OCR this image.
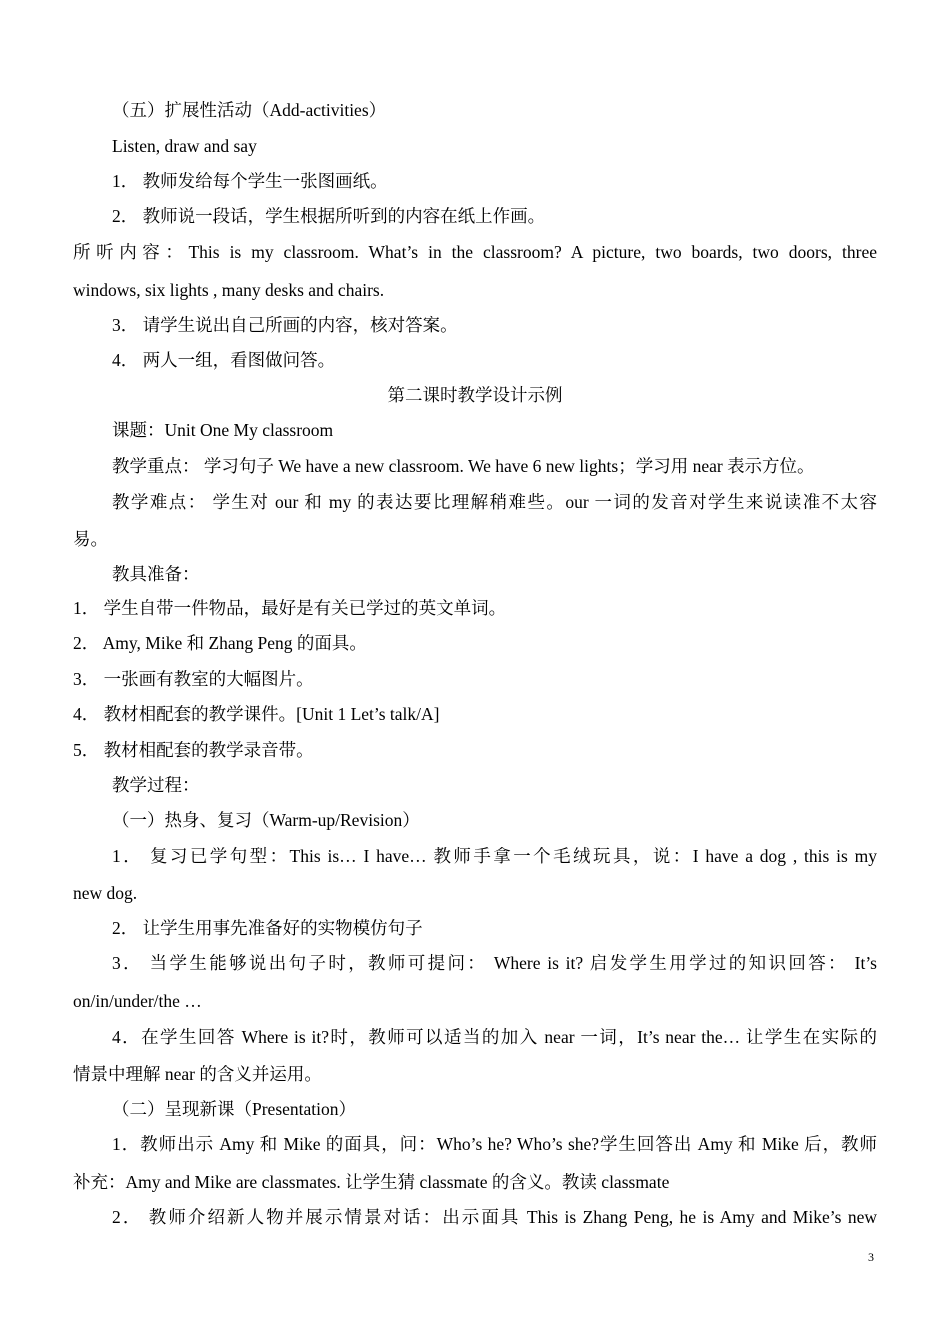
（五）扩展性活动（Add-activities）
Listen, draw and say
1． 教师发给每个学生一张图画纸。
2． 教师说一段话，学生根据所听到的内容在纸上作画。
所听内容：This is my classroom. What’s in the classroom? A picture, two boards, two doors, three
windows, six lights , many desks and chairs.
3． 请学生说出自己所画的内容，核对答案。
4． 两人一组，看图做问答。
第二课时教学设计示例
课题：Unit One My classroom
教学重点： 学习句子 We have a new classroom. We have 6 new lights；学习用 near 表示方位。
教学难点： 学生对 our 和 my 的表达要比理解稍难些。our 一词的发音对学生来说读准不太容
易。
教具准备：
1． 学生自带一件物品，最好是有关已学过的英文单词。
2． Amy, Mike 和 Zhang Peng 的面具。
3． 一张画有教室的大幅图片。
4． 教材相配套的教学课件。[Unit 1 Let’s talk/A]
5． 教材相配套的教学录音带。
教学过程：
（一）热身、复习（Warm-up/Revision）
1． 复习已学句型：This is… I have… 教师手拿一个毛绒玩具，说：I have a dog , this is my
new dog.
2． 让学生用事先准备好的实物模仿句子
3． 当学生能够说出句子时，教师可提问： Where is it? 启发学生用学过的知识回答： It’s
on/in/under/the …
4．在学生回答 Where is it?时，教师可以适当的加入 near 一词，It’s near the… 让学生在实际的
情景中理解 near 的含义并运用。
（二）呈现新课（Presentation）
1．教师出示 Amy 和 Mike 的面具，问：Who’s he? Who’s she?学生回答出 Amy 和 Mike 后，教师
补充：Amy and Mike are classmates. 让学生猜 classmate 的含义。教读 classmate
2． 教师介绍新人物并展示情景对话：出示面具 This is Zhang Peng, he is Amy and Mike’s new
3
